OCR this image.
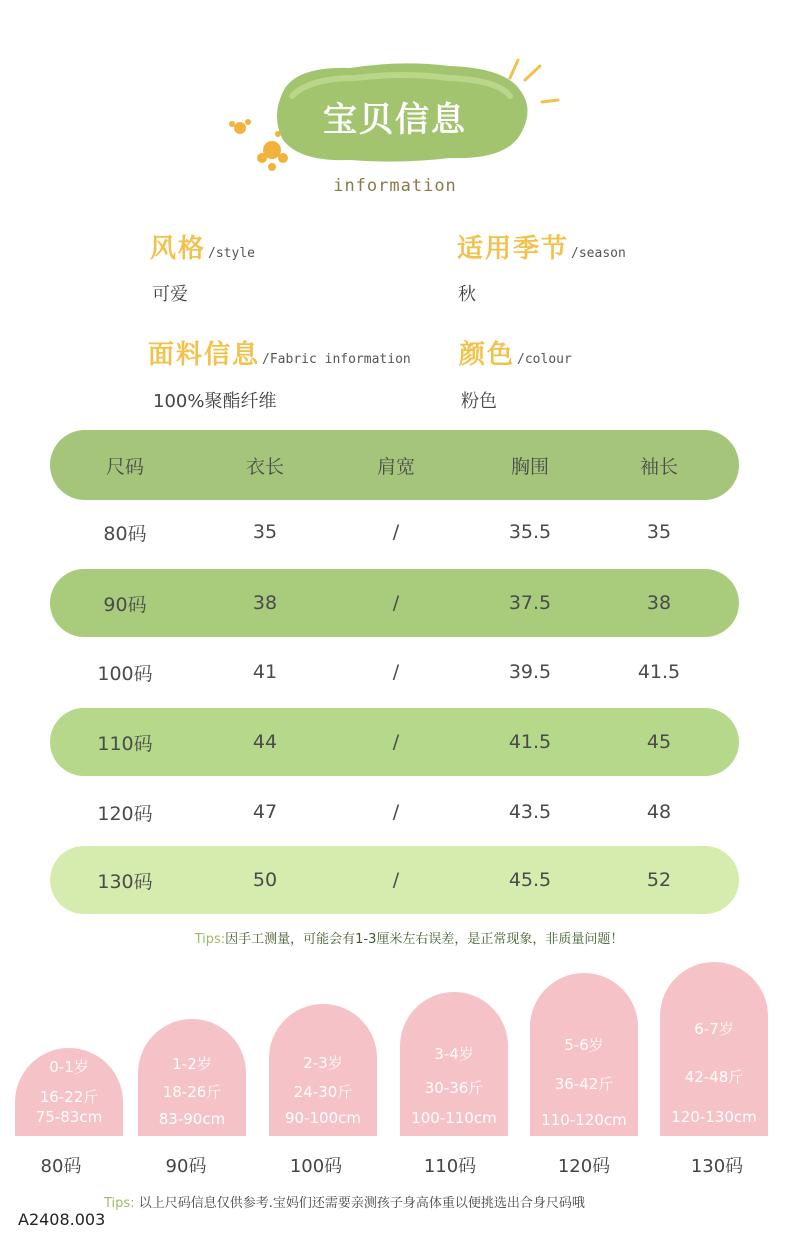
宝贝信息
information
风格 /style
可爱
适用季节 /season
秋
面料信息 /Fabric information
100%聚酯纤维
颜色 /colour
粉色
尺码	衣长	肩宽	胸围	袖长
80码	35	/	35.5	35
90码	38	/	37.5	38
100码	41	/	39.5	41.5
110码	44	/	41.5	45
120码	47	/	43.5	48
130码	50	/	45.5	52
Tips:因手工测量，可能会有1-3厘米左右误差，是正常现象，非质量问题！
0-1岁
16-22斤
75-83cm
80码
1-2岁
18-26斤
83-90cm
90码
2-3岁
24-30斤
90-100cm
100码
3-4岁
30-36斤
100-110cm
110码
5-6岁
36-42斤
110-120cm
120码
6-7岁
42-48斤
120-130cm
130码
Tips: 以上尺码信息仅供参考.宝妈们还需要亲测孩子身高体重以便挑选出合身尺码哦
A2408.003
